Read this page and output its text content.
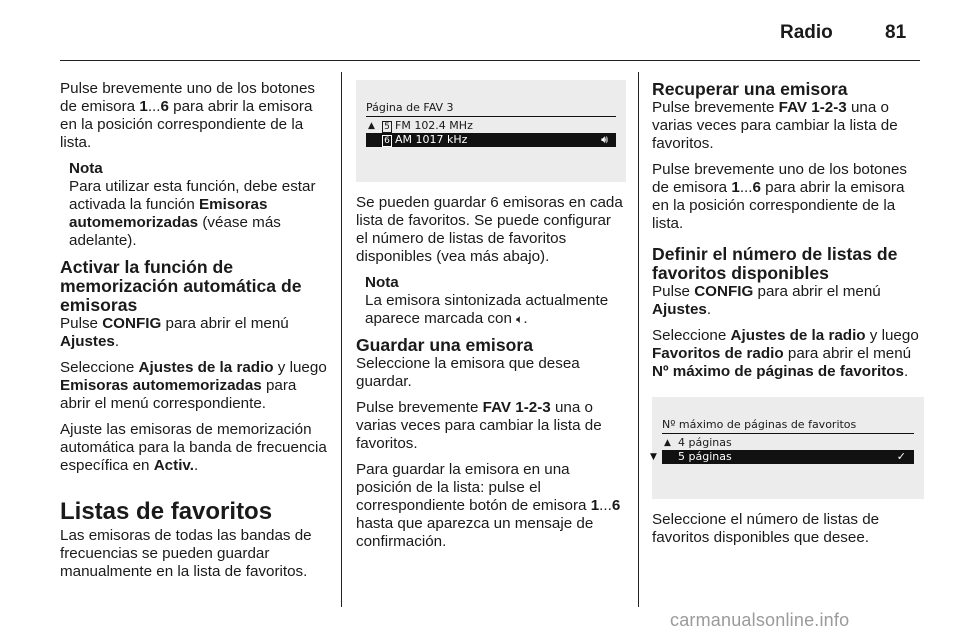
Radio	81

Pulse brevemente uno de los botones de emisora 1...6 para abrir la emisora en la posición correspondiente de la lista.

Nota
Para utilizar esta función, debe estar activada la función Emisoras automemorizadas (véase más adelante).
Activar la función de memorización automática de emisoras

Pulse CONFIG para abrir el menú Ajustes.

Seleccione Ajustes de la radio y luego Emisoras automemorizadas para abrir el menú correspondiente.

Ajuste las emisoras de memorización automática para la banda de frecuencia específica en Activ..

Listas de favoritos

Las emisoras de todas las bandas de frecuencias se pueden guardar manualmente en la lista de favoritos.

Página de FAV 3
▲ 5 FM 102.4 MHz
6 AM 1017 kHz	🔊︎

Se pueden guardar 6 emisoras en cada lista de favoritos. Se puede configurar el número de listas de favoritos disponibles (vea más abajo).

Nota
La emisora sintonizada actualmente aparece marcada con 🔈︎.
Guardar una emisora

Seleccione la emisora que desea guardar.

Pulse brevemente FAV 1-2-3 una o varias veces para cambiar la lista de favoritos.

Para guardar la emisora en una posición de la lista: pulse el correspondiente botón de emisora 1...6 hasta que aparezca un mensaje de confirmación.

Recuperar una emisora

Pulse brevemente FAV 1-2-3 una o varias veces para cambiar la lista de favoritos.

Pulse brevemente uno de los botones de emisora 1...6 para abrir la emisora en la posición correspondiente de la lista.

Definir el número de listas de favoritos disponibles

Pulse CONFIG para abrir el menú Ajustes.

Seleccione Ajustes de la radio y luego Favoritos de radio para abrir el menú Nº máximo de páginas de favoritos.

Nº máximo de páginas de favoritos
▲ 4 páginas
▼ 5 páginas	✓

Seleccione el número de listas de favoritos disponibles que desee.

carmanualsonline.info
